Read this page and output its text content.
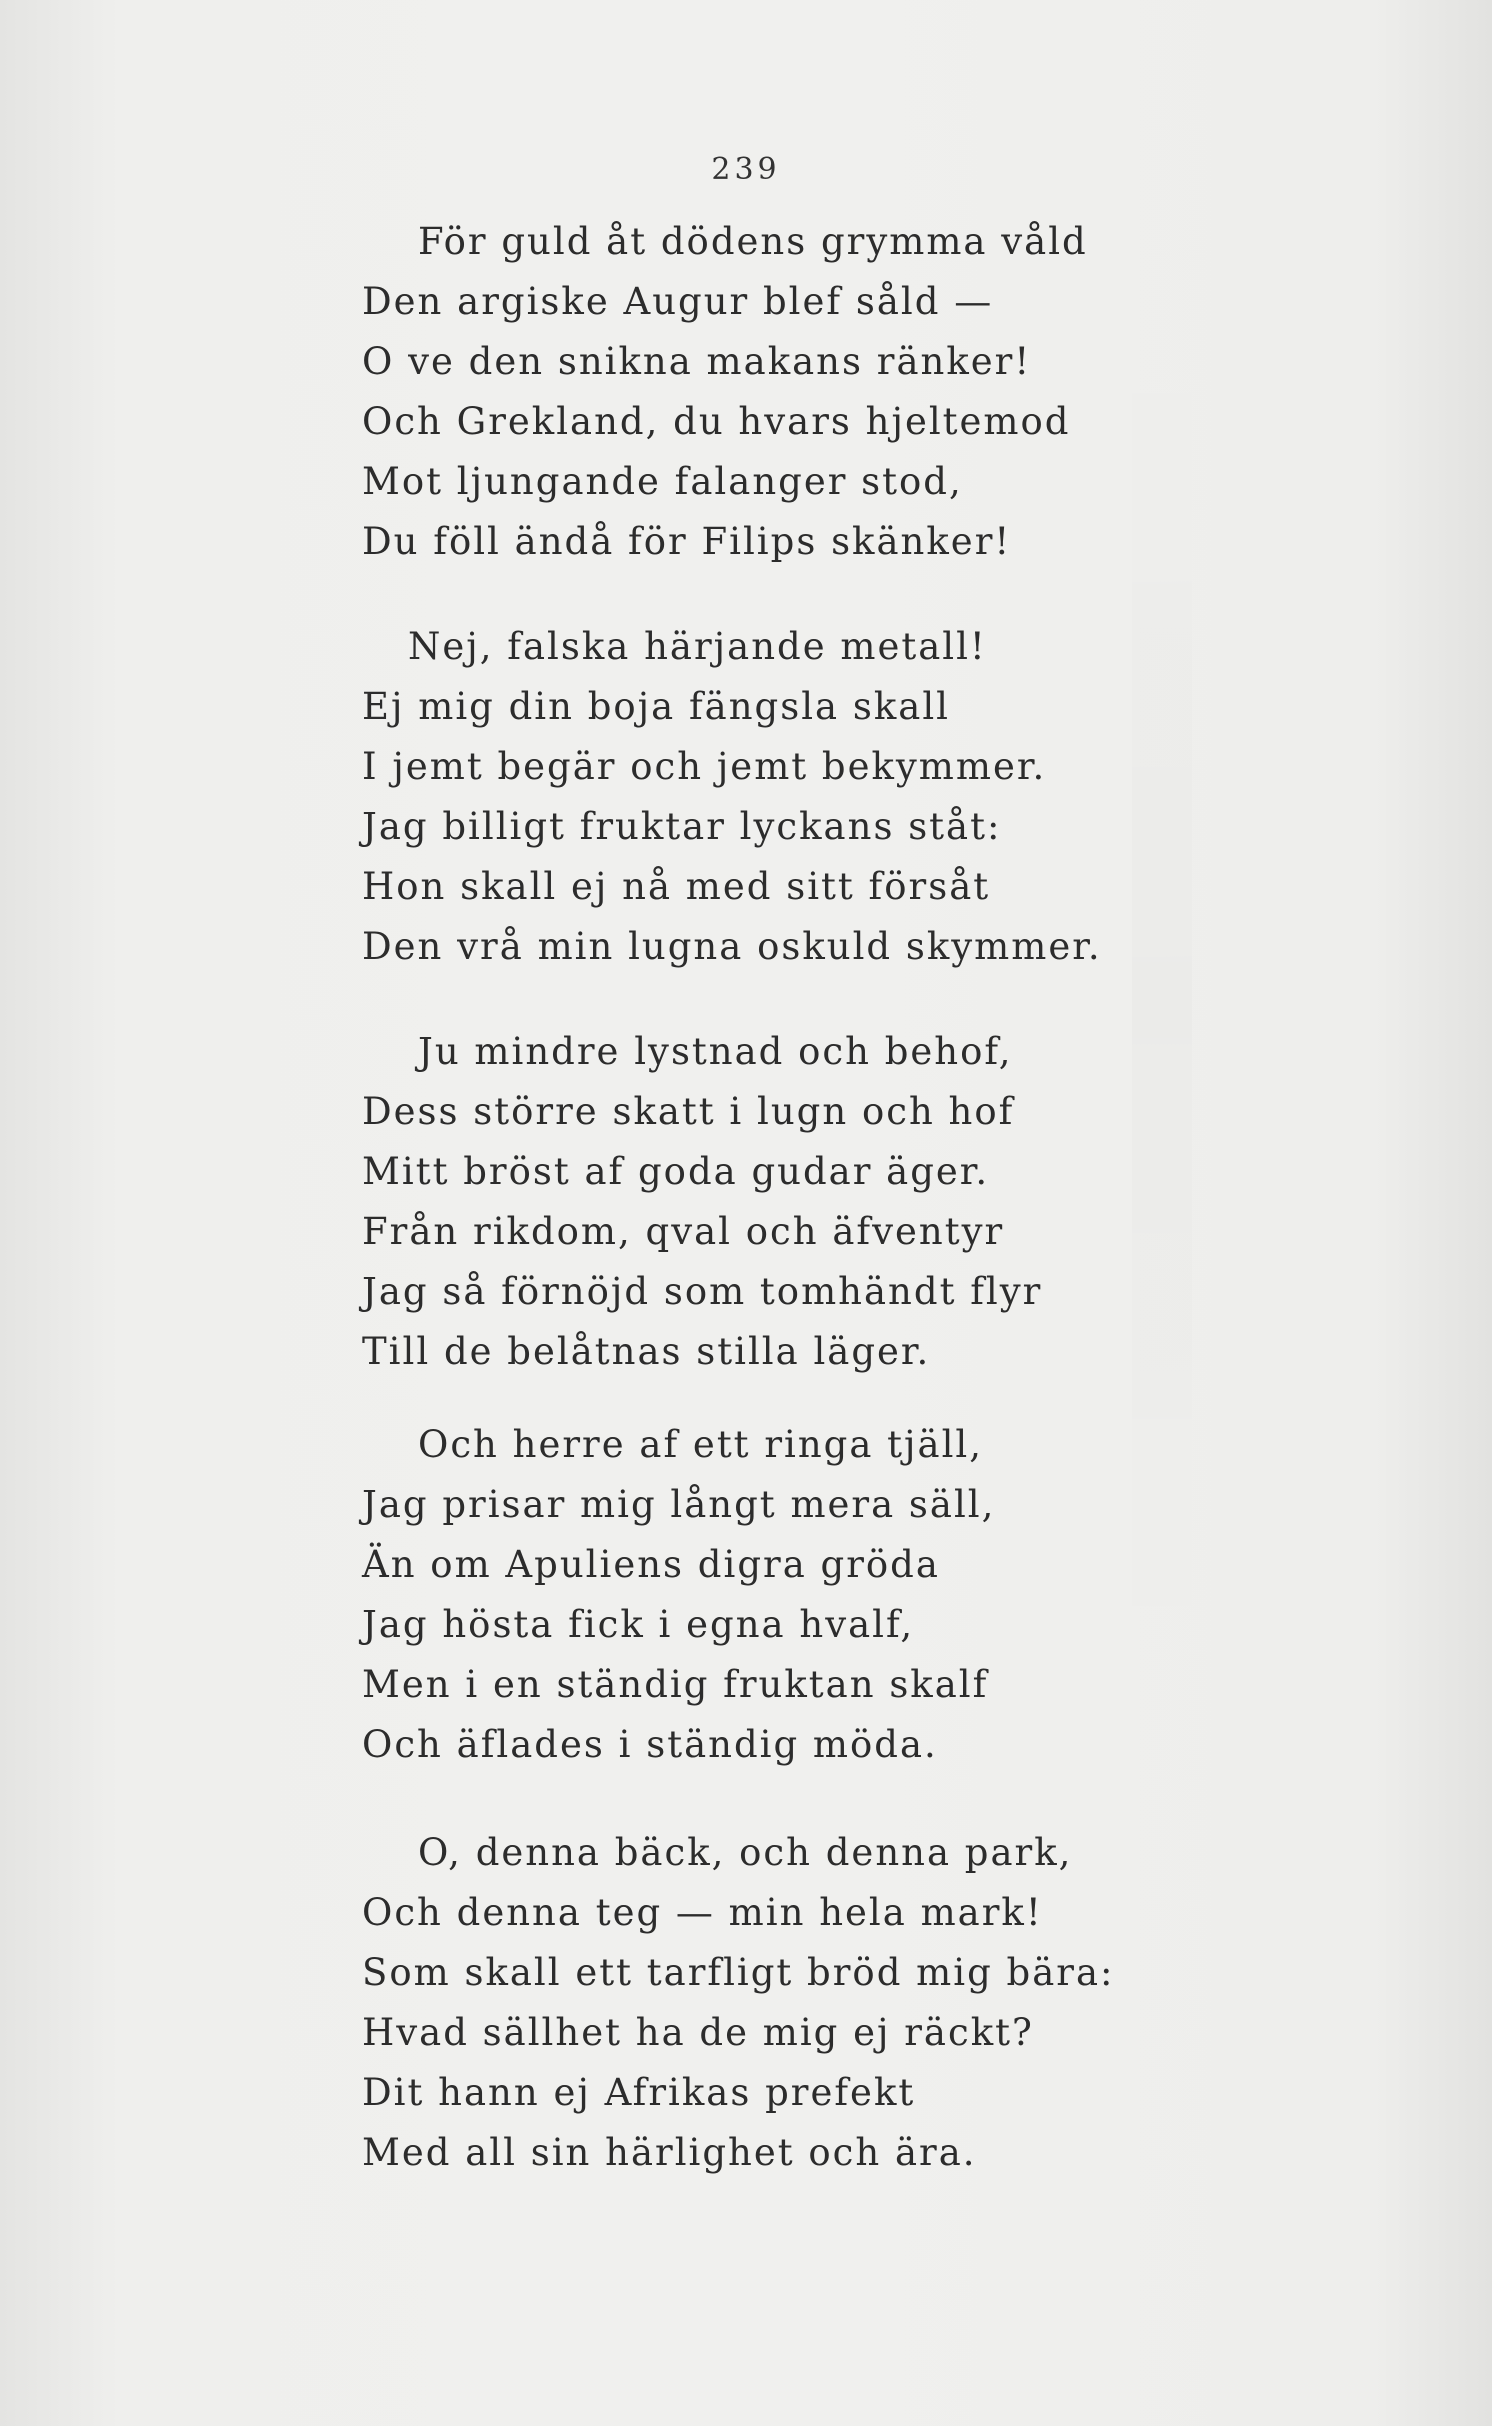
239
För guld åt dödens grymma våld
Den argiske Augur blef såld —
O ve den snikna makans ränker!
Och Grekland, du hvars hjeltemod
Mot ljungande falanger stod,
Du föll ändå för Filips skänker!
Nej, falska härjande metall!
Ej mig din boja fängsla skall
I jemt begär och jemt bekymmer.
Jag billigt fruktar lyckans ståt:
Hon skall ej nå med sitt försåt
Den vrå min lugna oskuld skymmer.
Ju mindre lystnad och behof,
Dess större skatt i lugn och hof
Mitt bröst af goda gudar äger.
Från rikdom, qval och äfventyr
Jag så förnöjd som tomhändt flyr
Till de belåtnas stilla läger.
Och herre af ett ringa tjäll,
Jag prisar mig långt mera säll,
Än om Apuliens digra gröda
Jag hösta fick i egna hvalf,
Men i en ständig fruktan skalf
Och äflades i ständig möda.
O, denna bäck, och denna park,
Och denna teg — min hela mark!
Som skall ett tarfligt bröd mig bära:
Hvad sällhet ha de mig ej räckt?
Dit hann ej Afrikas prefekt
Med all sin härlighet och ära.
